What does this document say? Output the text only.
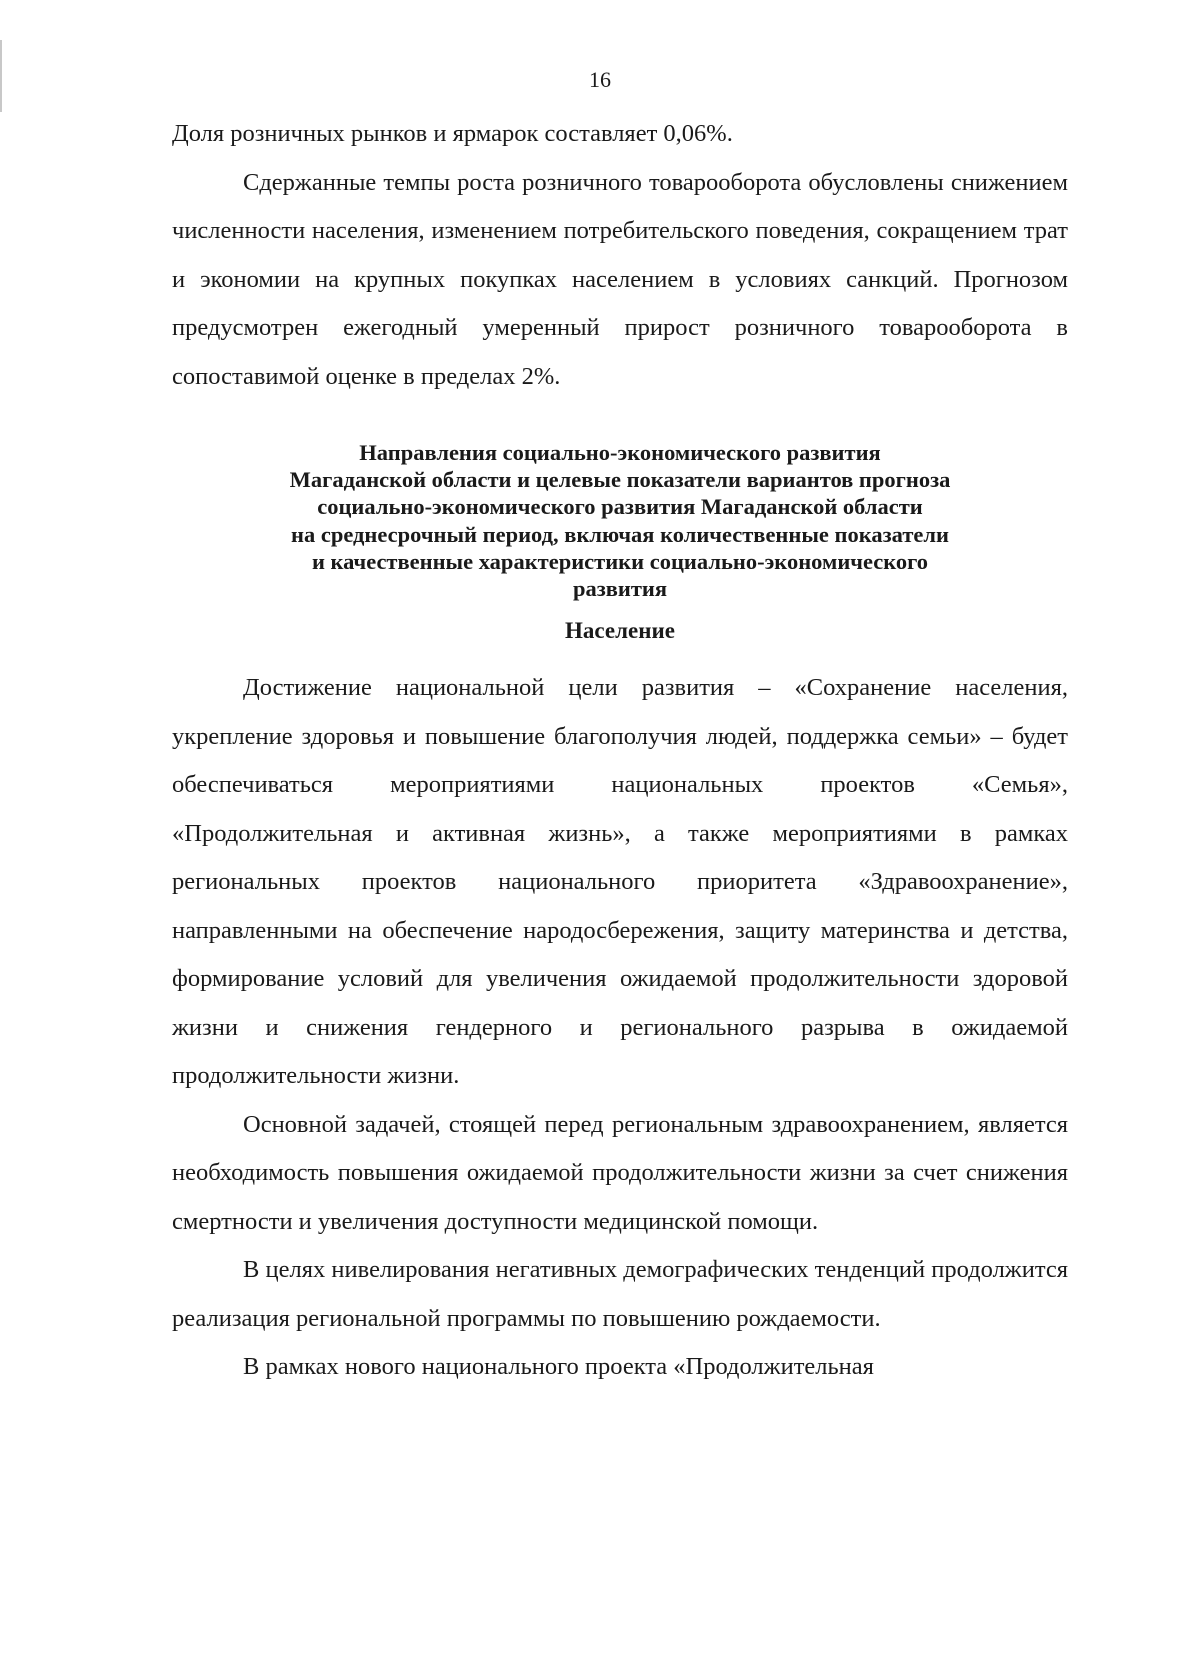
16

Доля розничных рынков и ярмарок составляет 0,06%.

Сдержанные темпы роста розничного товарооборота обусловлены снижением численности населения, изменением потребительского поведения, сокращением трат и экономии на крупных покупках населением в условиях санкций. Прогнозом предусмотрен ежегодный умеренный прирост розничного товарооборота в сопоставимой оценке в пределах 2%.

Направления социально-экономического развития
Магаданской области и целевые показатели вариантов прогноза
социально-экономического развития Магаданской области
на среднесрочный период, включая количественные показатели
и качественные характеристики социально-экономического
развития
Население

Достижение национальной цели развития – «Сохранение населения, укрепление здоровья и повышение благополучия людей, поддержка семьи» – будет обеспечиваться мероприятиями национальных проектов «Семья», «Продолжительная и активная жизнь», а также мероприятиями в рамках региональных проектов национального приоритета «Здравоохранение», направленными на обеспечение народосбережения, защиту материнства и детства, формирование условий для увеличения ожидаемой продолжительности здоровой жизни и снижения гендерного и регионального разрыва в ожидаемой продолжительности жизни.

Основной задачей, стоящей перед региональным здравоохранением, является необходимость повышения ожидаемой продолжительности жизни за счет снижения смертности и увеличения доступности медицинской помощи.

В целях нивелирования негативных демографических тенденций продолжится реализация региональной программы по повышению рождаемости.

В рамках нового национального проекта «Продолжительная
